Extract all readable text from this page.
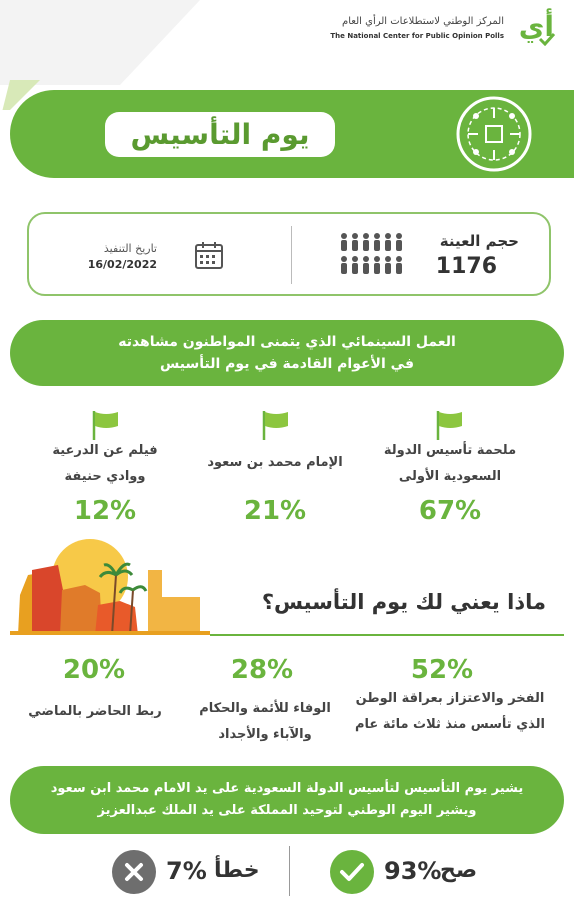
أي
المركز الوطني لاستطلاعات الرأي العام
The National Center for Public Opinion Polls
يوم التأسيس
حجم العينة
1176
تاريخ التنفيذ
16/02/2022
العمل السينمائي الذي يتمنى المواطنون مشاهدته
في الأعوام القادمة في يوم التأسيس
ملحمة تأسيس الدولة
السعودية الأولى
67%
الإمام محمد بن سعود
21%
فيلم عن الدرعية
ووادي حنيفة
12%
ماذا يعني لك يوم التأسيس؟
52%
الفخر والاعتزاز بعراقة الوطن
الذي تأسس منذ ثلاث مائة عام
28%
الوفاء للأئمة والحكام
والآباء والأجداد
20%
ربط الحاضر بالماضي
يشير يوم التأسيس لتأسيس الدولة السعودية على يد الامام محمد ابن سعود
ويشير اليوم الوطني لتوحيد المملكة على يد الملك عبدالعزيز
صح
93%
خطأ
7%
